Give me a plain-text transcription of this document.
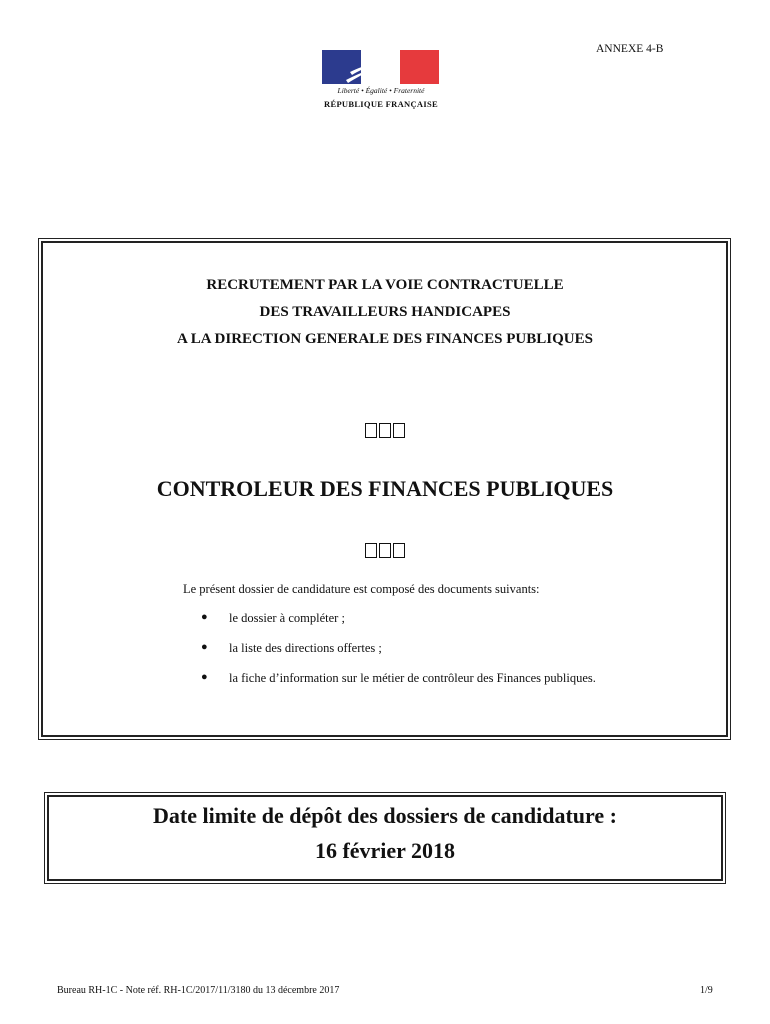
ANNEXE 4-B
Liberté • Égalité • Fraternité
RÉPUBLIQUE FRANÇAISE
RECRUTEMENT PAR LA VOIE CONTRACTUELLE
DES TRAVAILLEURS HANDICAPES
A LA DIRECTION GENERALE DES FINANCES PUBLIQUES
CONTROLEUR DES FINANCES PUBLIQUES
Le présent dossier de candidature est composé des documents suivants:
●	le dossier à compléter ;
●	la liste des directions offertes ;
●	la fiche d’information sur le métier de contrôleur des Finances publiques.
Date limite de dépôt des dossiers de candidature :
16 février 2018
Bureau RH-1C - Note réf. RH-1C/2017/11/3180 du 13 décembre 2017	1/9
